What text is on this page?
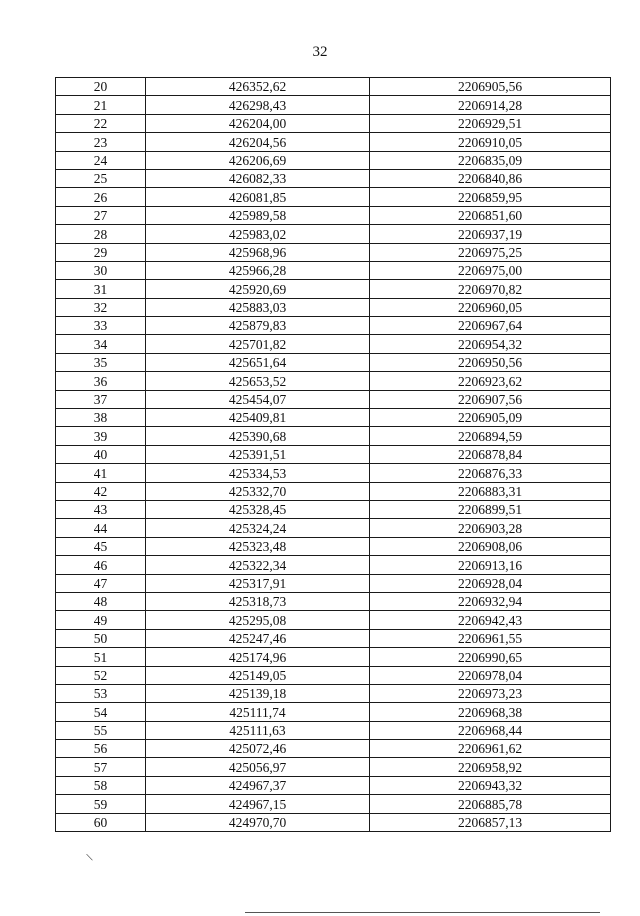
32
20	426352,62	2206905,56
21	426298,43	2206914,28
22	426204,00	2206929,51
23	426204,56	2206910,05
24	426206,69	2206835,09
25	426082,33	2206840,86
26	426081,85	2206859,95
27	425989,58	2206851,60
28	425983,02	2206937,19
29	425968,96	2206975,25
30	425966,28	2206975,00
31	425920,69	2206970,82
32	425883,03	2206960,05
33	425879,83	2206967,64
34	425701,82	2206954,32
35	425651,64	2206950,56
36	425653,52	2206923,62
37	425454,07	2206907,56
38	425409,81	2206905,09
39	425390,68	2206894,59
40	425391,51	2206878,84
41	425334,53	2206876,33
42	425332,70	2206883,31
43	425328,45	2206899,51
44	425324,24	2206903,28
45	425323,48	2206908,06
46	425322,34	2206913,16
47	425317,91	2206928,04
48	425318,73	2206932,94
49	425295,08	2206942,43
50	425247,46	2206961,55
51	425174,96	2206990,65
52	425149,05	2206978,04
53	425139,18	2206973,23
54	425111,74	2206968,38
55	425111,63	2206968,44
56	425072,46	2206961,62
57	425056,97	2206958,92
58	424967,37	2206943,32
59	424967,15	2206885,78
60	424970,70	2206857,13
\
